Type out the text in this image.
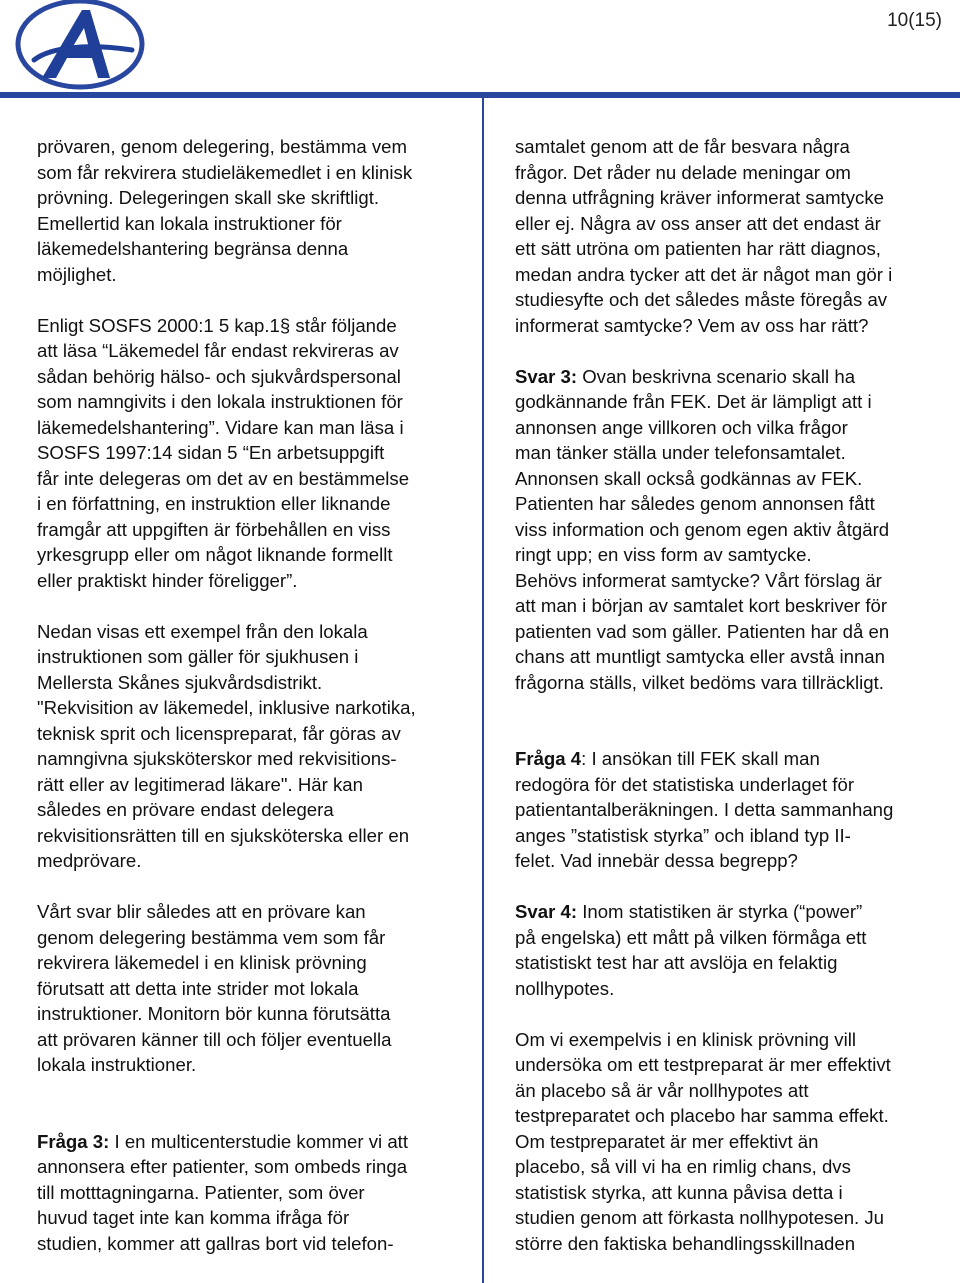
10(15)

prövaren, genom delegering, bestämma vem
som får rekvirera studieläkemedlet i en klinisk
prövning. Delegeringen skall ske skriftligt.
Emellertid kan lokala instruktioner för
läkemedelshantering begränsa denna
möjlighet.

Enligt SOSFS 2000:1 5 kap.1§ står följande
att läsa “Läkemedel får endast rekvireras av
sådan behörig hälso- och sjukvårdspersonal
som namngivits i den lokala instruktionen för
läkemedelshantering”. Vidare kan man läsa i
SOSFS 1997:14 sidan 5 “En arbetsuppgift
får inte delegeras om det av en bestämmelse
i en författning, en instruktion eller liknande
framgår att uppgiften är förbehållen en viss
yrkesgrupp eller om något liknande formellt
eller praktiskt hinder föreligger”.

Nedan visas ett exempel från den lokala
instruktionen som gäller för sjukhusen i
Mellersta Skånes sjukvårdsdistrikt.
"Rekvisition av läkemedel, inklusive narkotika,
teknisk sprit och licenspreparat, får göras av
namngivna sjuksköterskor med rekvisitions-
rätt eller av legitimerad läkare". Här kan
således en prövare endast delegera
rekvisitionsrätten till en sjuksköterska eller en
medprövare.

Vårt svar blir således att en prövare kan
genom delegering bestämma vem som får
rekvirera läkemedel i en klinisk prövning
förutsatt att detta inte strider mot lokala
instruktioner. Monitorn bör kunna förutsätta
att prövaren känner till och följer eventuella
lokala instruktioner.

Fråga 3: I en multicenterstudie kommer vi att
annonsera efter patienter, som ombeds ringa
till motttagningarna. Patienter, som över
huvud taget inte kan komma ifråga för
studien, kommer att gallras bort vid telefon-

samtalet genom att de får besvara några
frågor. Det råder nu delade meningar om
denna utfrågning kräver informerat samtycke
eller ej. Några av oss anser att det endast är
ett sätt utröna om patienten har rätt diagnos,
medan andra tycker att det är något man gör i
studiesyfte och det således måste föregås av
informerat samtycke? Vem av oss har rätt?

Svar 3: Ovan beskrivna scenario skall ha
godkännande från FEK. Det är lämpligt att i
annonsen ange villkoren och vilka frågor
man tänker ställa under telefonsamtalet.
Annonsen skall också godkännas av FEK.
Patienten har således genom annonsen fått
viss information och genom egen aktiv åtgärd
ringt upp; en viss form av samtycke.
Behövs informerat samtycke? Vårt förslag är
att man i början av samtalet kort beskriver för
patienten vad som gäller. Patienten har då en
chans att muntligt samtycka eller avstå innan
frågorna ställs, vilket bedöms vara tillräckligt.

Fråga 4: I ansökan till FEK skall man
redogöra för det statistiska underlaget för
patientantalberäkningen. I detta sammanhang
anges ”statistisk styrka” och ibland typ II-
felet. Vad innebär dessa begrepp?

Svar 4: Inom statistiken är styrka (“power”
på engelska) ett mått på vilken förmåga ett
statistiskt test har att avslöja en felaktig
nollhypotes.

Om vi exempelvis i en klinisk prövning vill
undersöka om ett testpreparat är mer effektivt
än placebo så är vår nollhypotes att
testpreparatet och placebo har samma effekt.
Om testpreparatet är mer effektivt än
placebo, så vill vi ha en rimlig chans, dvs
statistisk styrka, att kunna påvisa detta i
studien genom att förkasta nollhypotesen. Ju
större den faktiska behandlingsskillnaden
